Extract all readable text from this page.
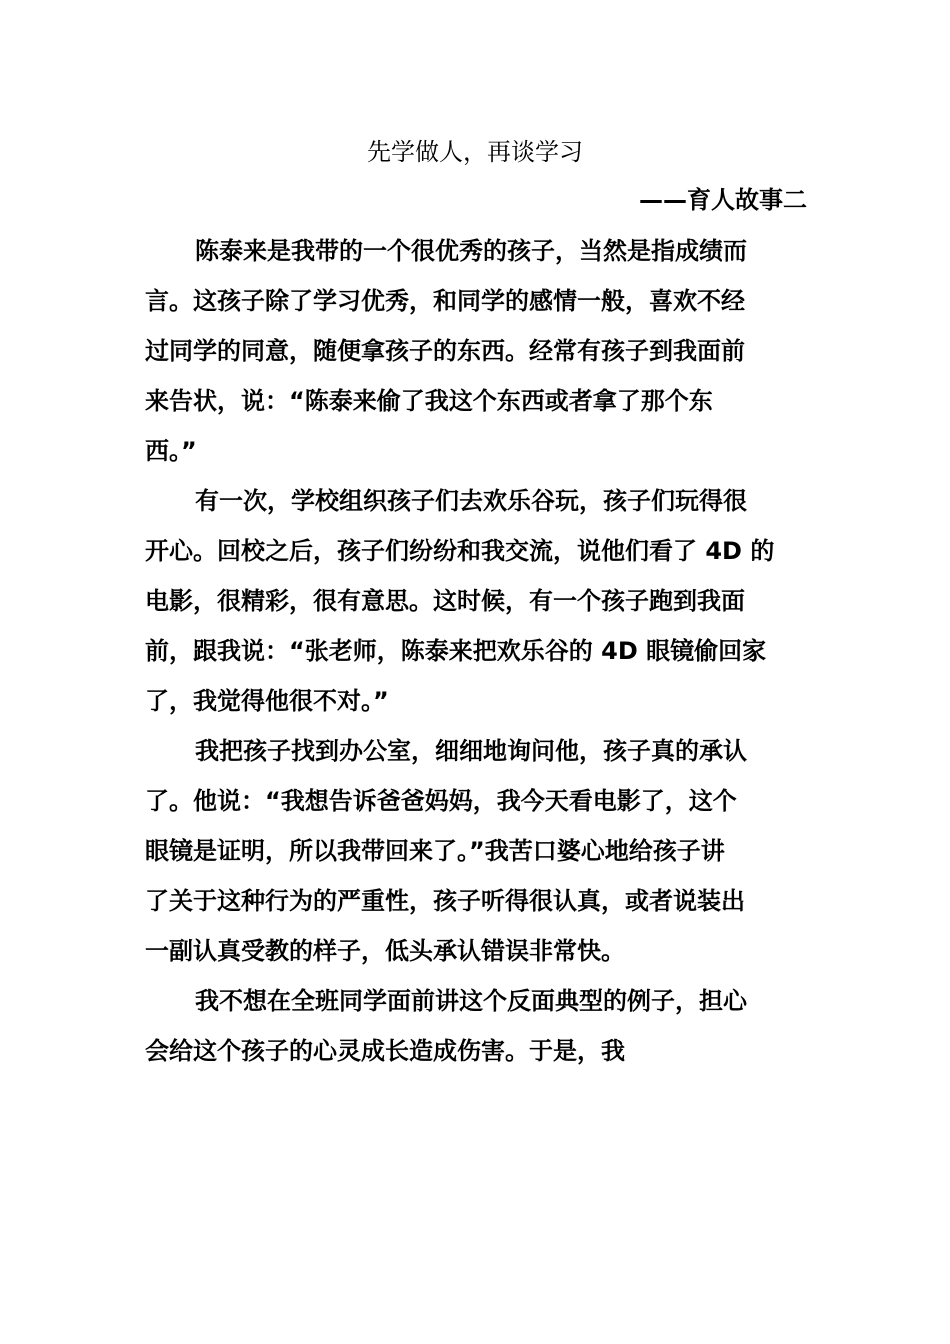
先学做人，再谈学习
——育人故事二
陈泰来是我带的一个很优秀的孩子，当然是指成绩而
言。这孩子除了学习优秀，和同学的感情一般，喜欢不经
过同学的同意，随便拿孩子的东西。经常有孩子到我面前
来告状，说：“陈泰来偷了我这个东西或者拿了那个东
西。”
有一次，学校组织孩子们去欢乐谷玩，孩子们玩得很
开心。回校之后，孩子们纷纷和我交流，说他们看了 4D 的
电影，很精彩，很有意思。这时候，有一个孩子跑到我面
前，跟我说：“张老师，陈泰来把欢乐谷的 4D 眼镜偷回家
了，我觉得他很不对。”
我把孩子找到办公室，细细地询问他，孩子真的承认
了。他说：“我想告诉爸爸妈妈，我今天看电影了，这个
眼镜是证明，所以我带回来了。”我苦口婆心地给孩子讲
了关于这种行为的严重性，孩子听得很认真，或者说装出
一副认真受教的样子，低头承认错误非常快。
我不想在全班同学面前讲这个反面典型的例子，担心
会给这个孩子的心灵成长造成伤害。于是，我
